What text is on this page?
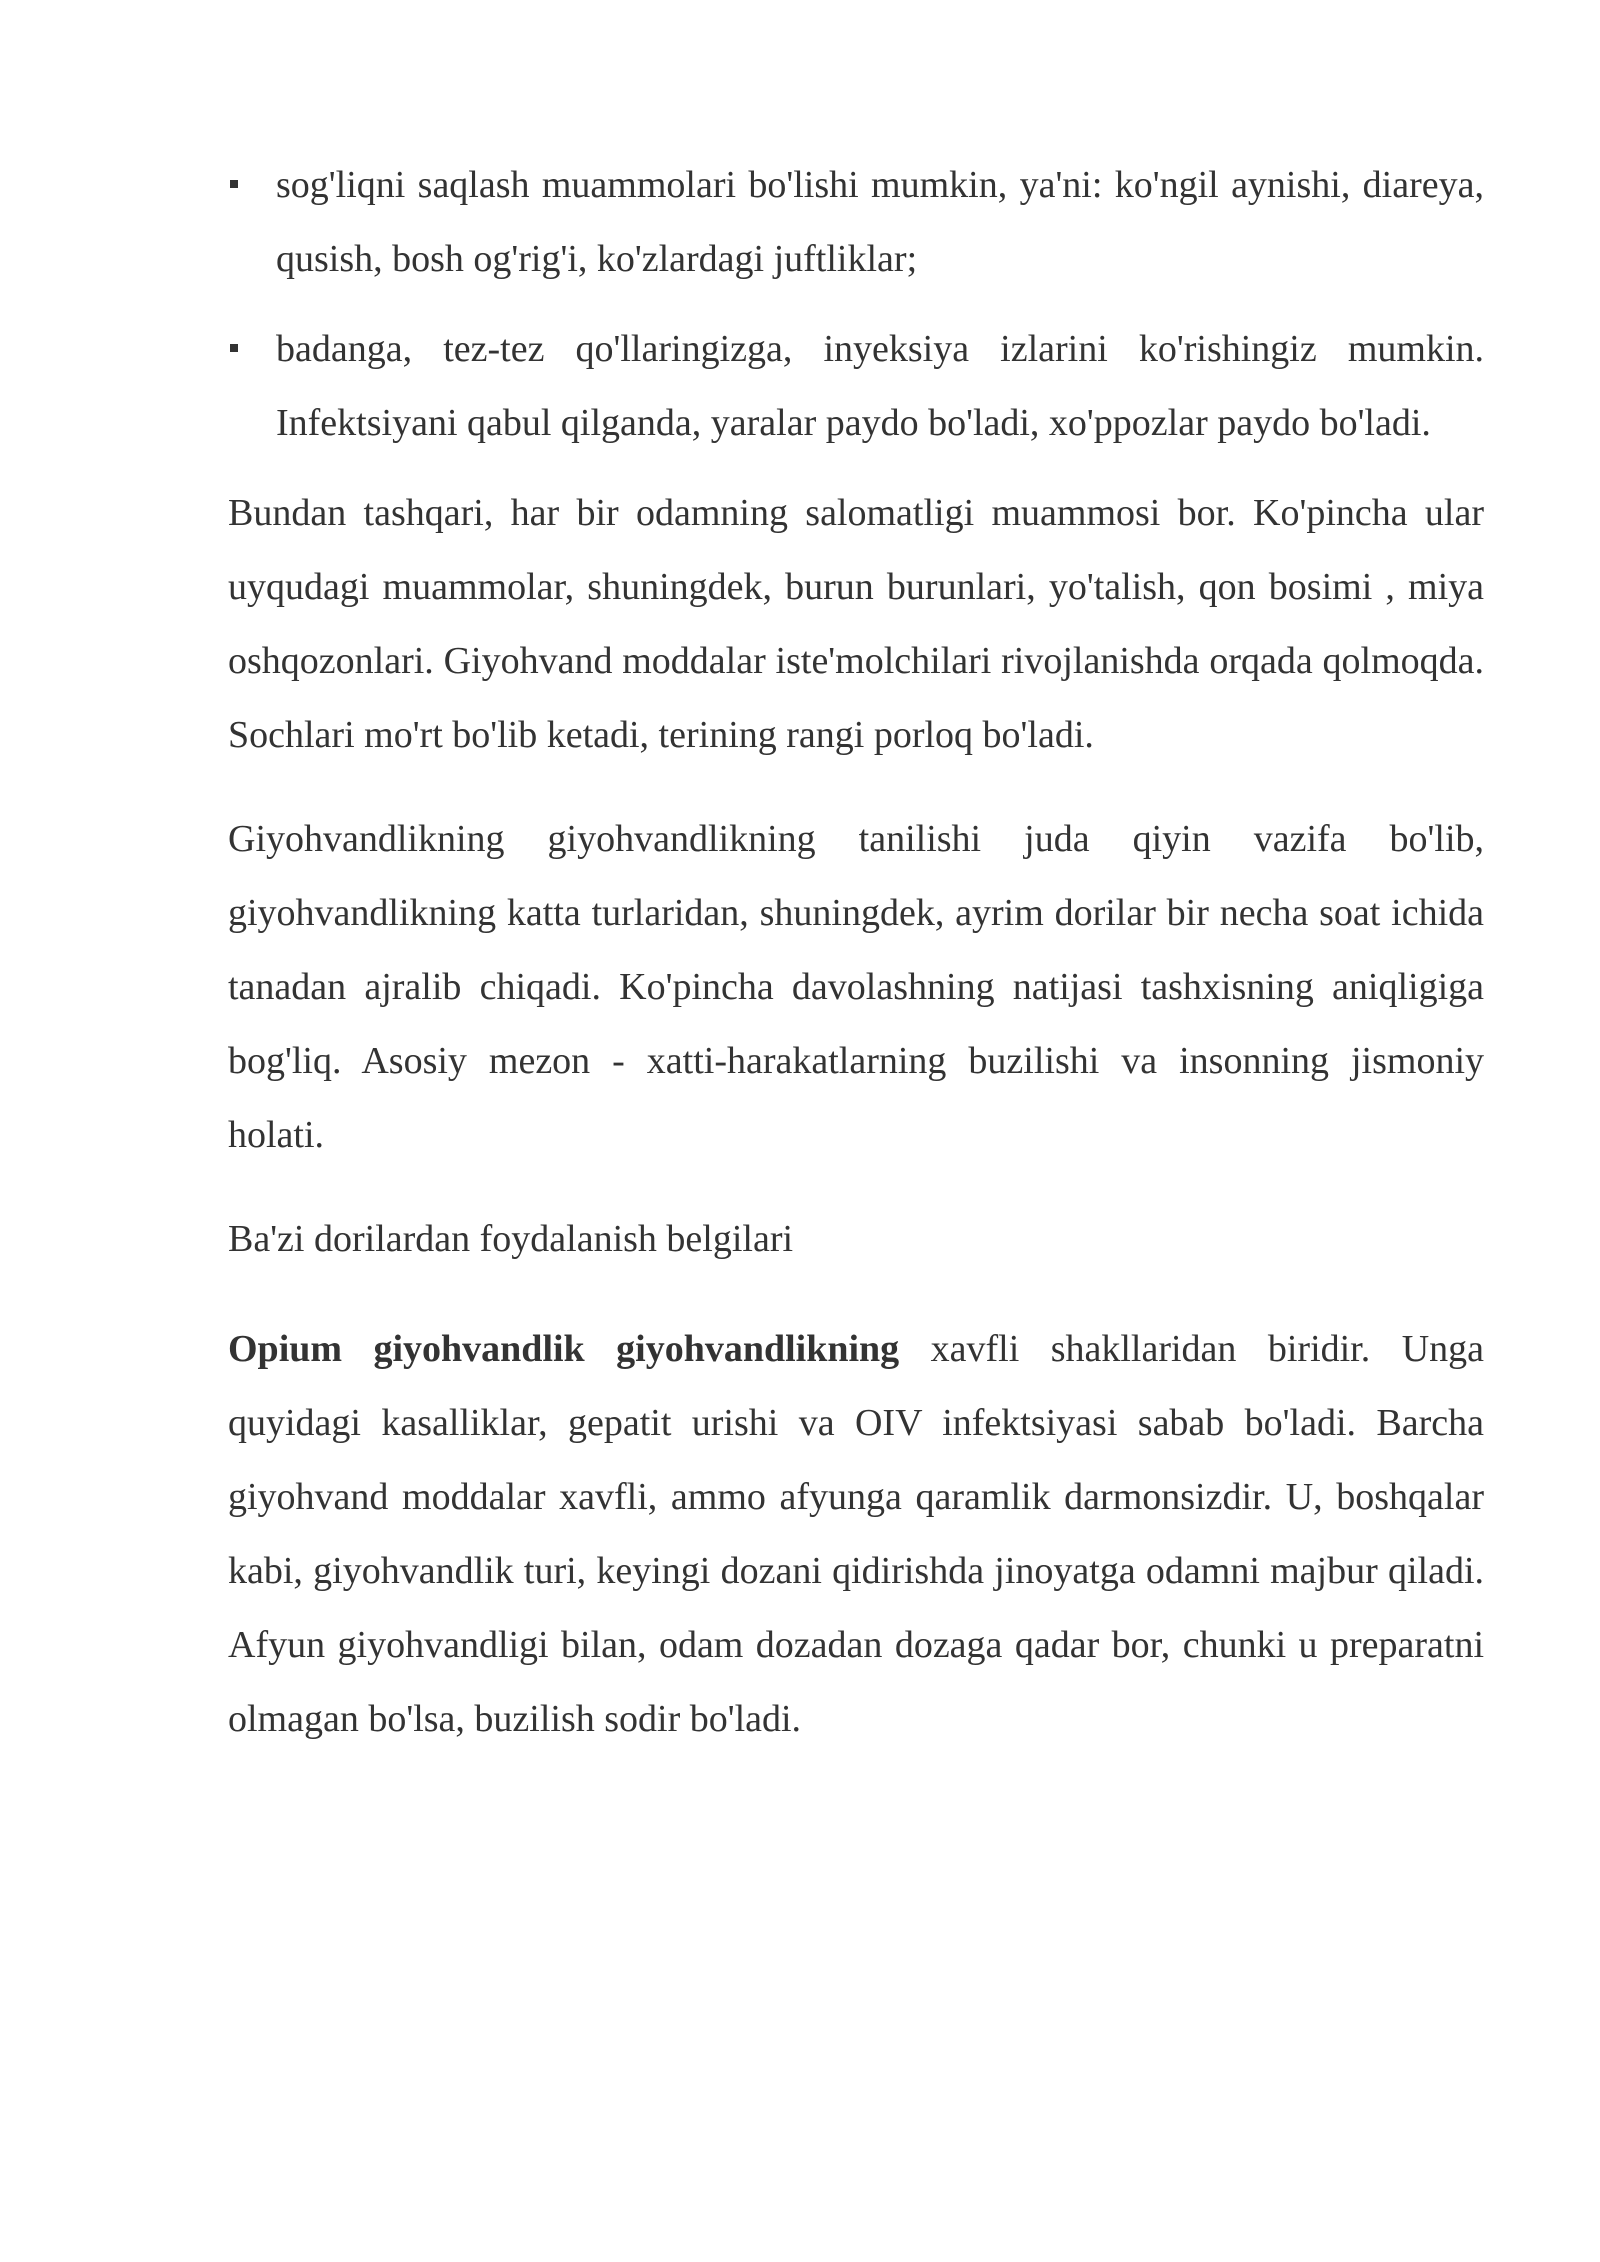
sog'liqni saqlash muammolari bo'lishi mumkin, ya'ni: ko'ngil aynishi, diareya, qusish, bosh og'rig'i, ko'zlardagi juftliklar;
badanga, tez-tez qo'llaringizga, inyeksiya izlarini ko'rishingiz mumkin. Infektsiyani qabul qilganda, yaralar paydo bo'ladi, xo'ppozlar paydo bo'ladi.

Bundan tashqari, har bir odamning salomatligi muammosi bor. Ko'pincha ular uyqudagi muammolar, shuningdek, burun burunlari, yo'talish, qon bosimi , miya oshqozonlari. Giyohvand moddalar iste'molchilari rivojlanishda orqada qolmoqda. Sochlari mo'rt bo'lib ketadi, terining rangi porloq bo'ladi.

Giyohvandlikning giyohvandlikning tanilishi juda qiyin vazifa bo'lib, giyohvandlikning katta turlaridan, shuningdek, ayrim dorilar bir necha soat ichida tanadan ajralib chiqadi. Ko'pincha davolashning natijasi tashxisning aniqligiga bog'liq. Asosiy mezon - xatti-harakatlarning buzilishi va insonning jismoniy holati.

Ba'zi dorilardan foydalanish belgilari

Opium giyohvandlik giyohvandlikning xavfli shakllaridan biridir. Unga quyidagi kasalliklar, gepatit urishi va OIV infektsiyasi sabab bo'ladi. Barcha giyohvand moddalar xavfli, ammo afyunga qaramlik darmonsizdir. U, boshqalar kabi, giyohvandlik turi, keyingi dozani qidirishda jinoyatga odamni majbur qiladi. Afyun giyohvandligi bilan, odam dozadan dozaga qadar bor, chunki u preparatni olmagan bo'lsa, buzilish sodir bo'ladi.
